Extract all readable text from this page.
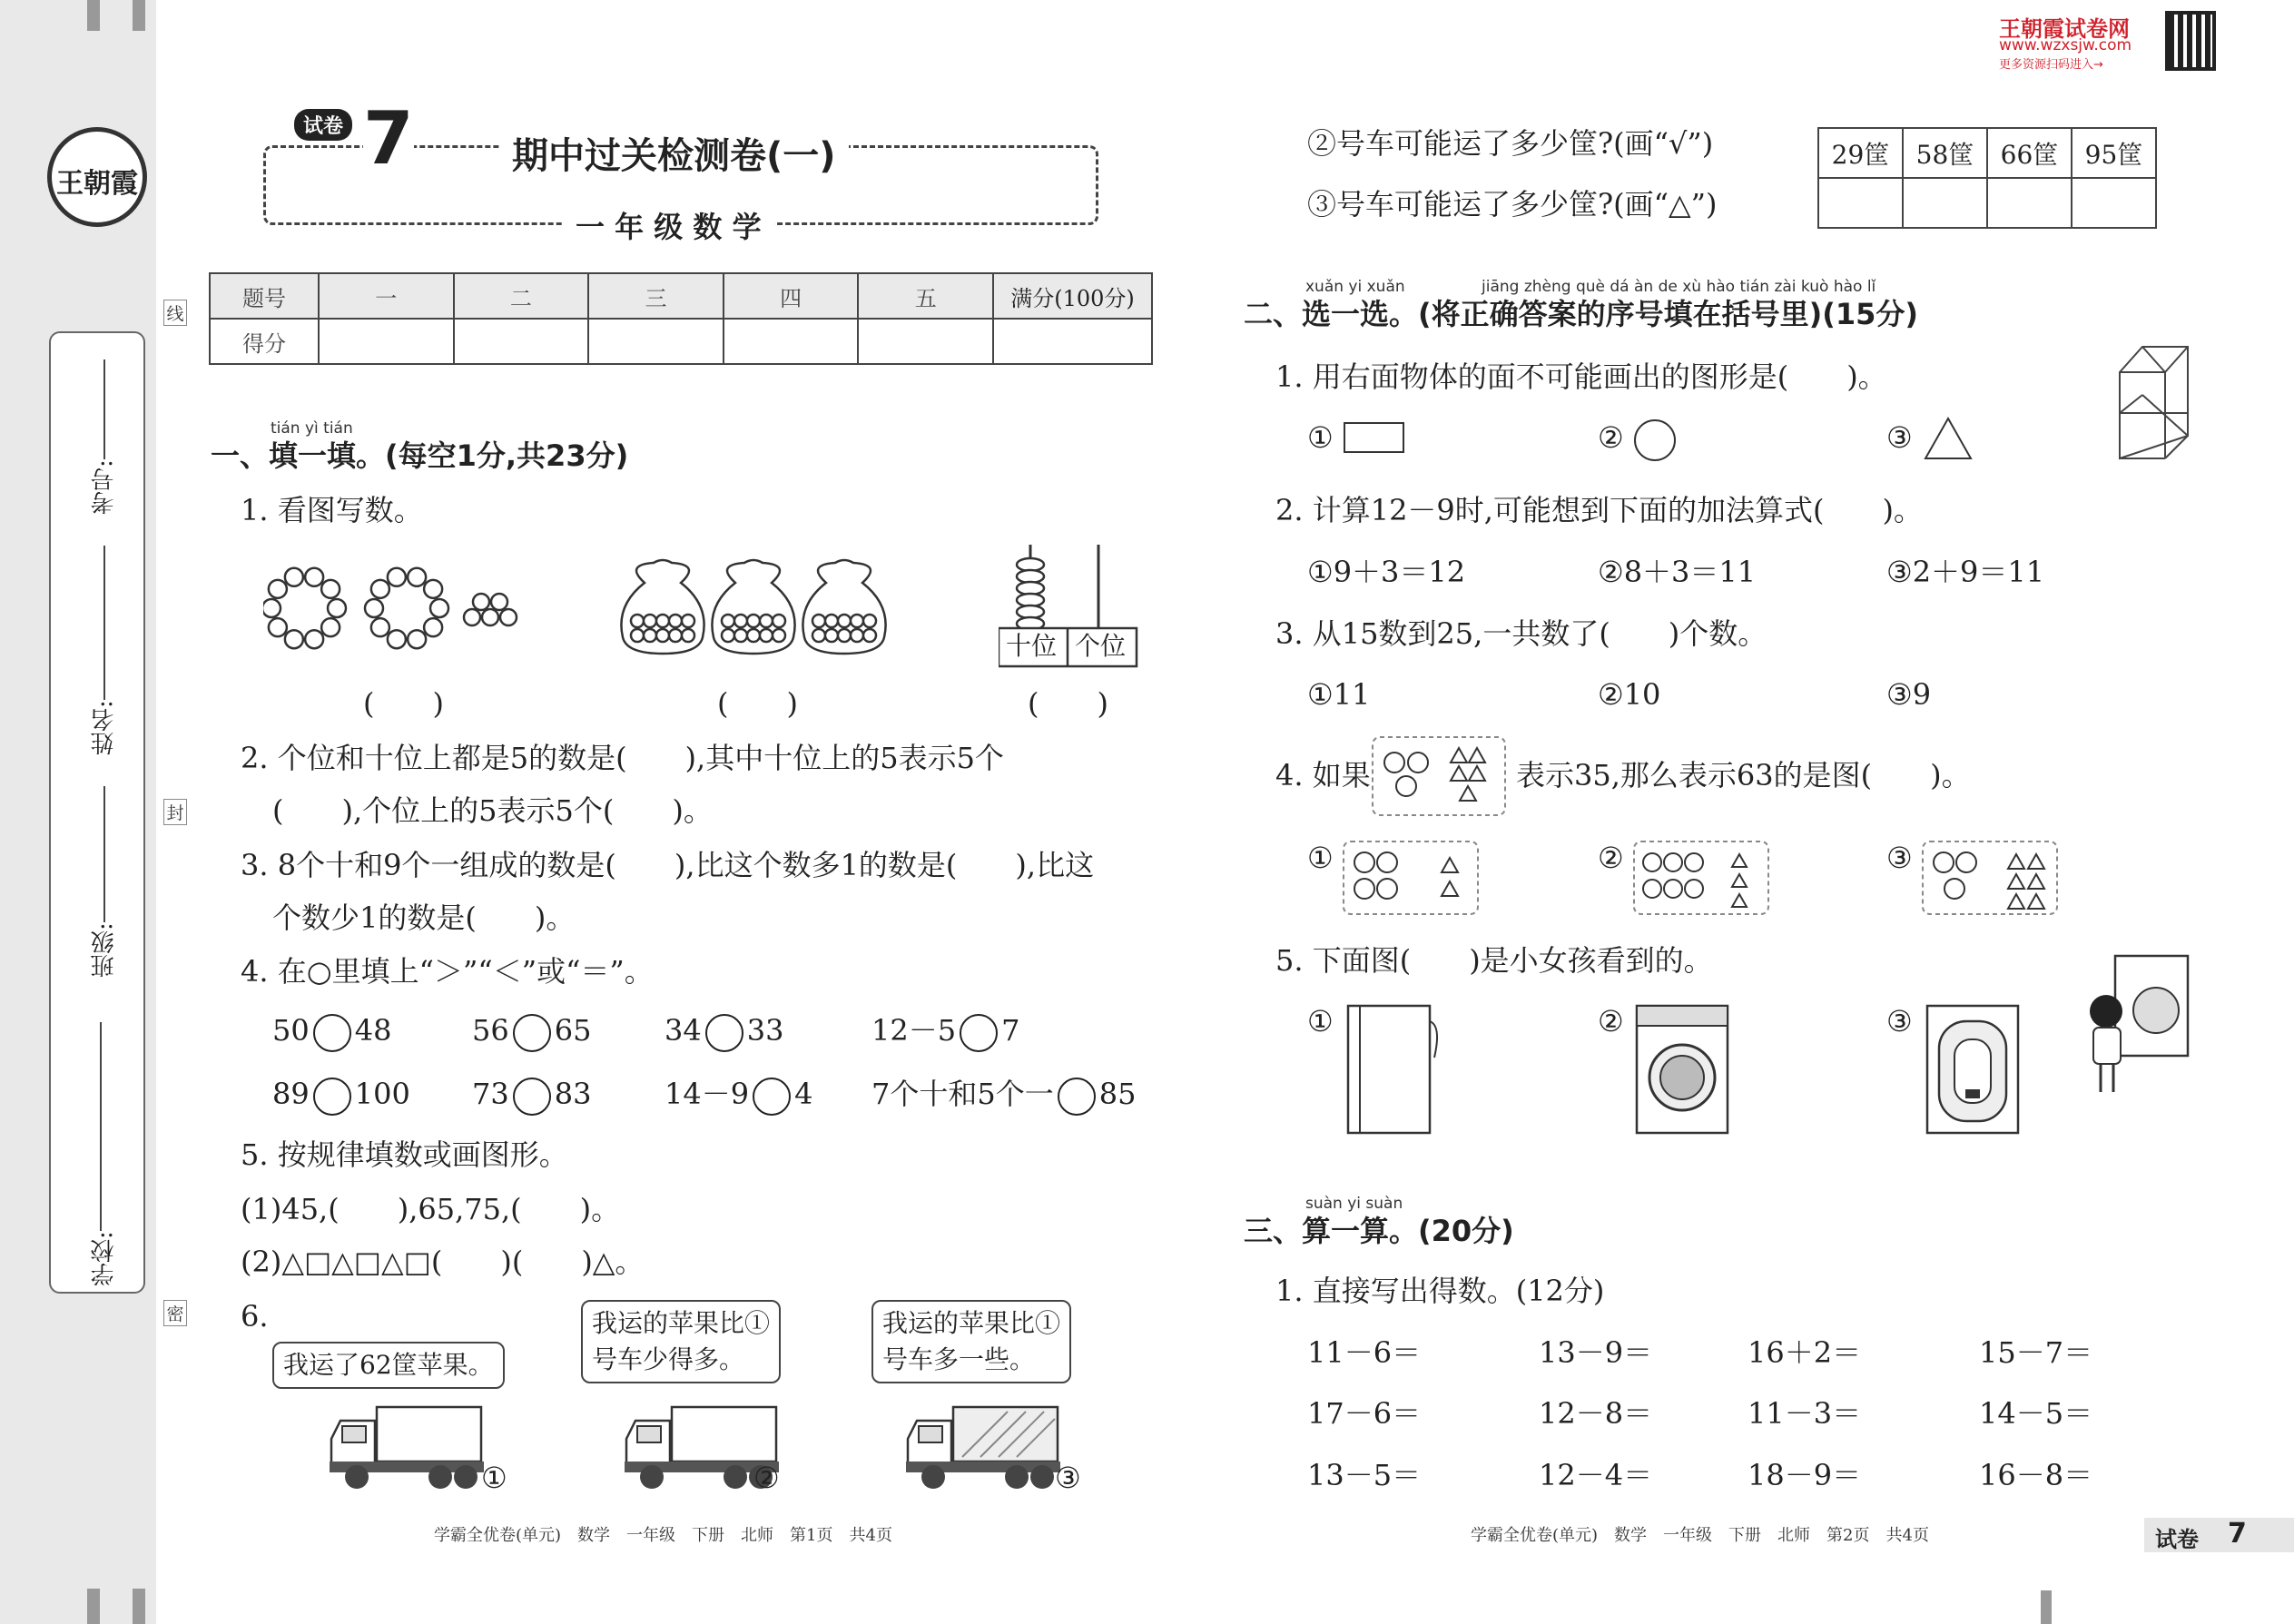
王朝霞
学校:
班级:
姓名:
考号:
线
封
密
试卷 7	期中过关检测卷(一)
一 年 级 数 学
题号	一	二	三	四	五	满分(100分)
得分						
tián yì tián
一、填一填。(每空1分,共23分)
1. 看图写数。
十位 个位
(　　)	(　　)	(　　)
2. 个位和十位上都是5的数是(　　),其中十位上的5表示5个
(　　),个位上的5表示5个(　　)。
3. 8个十和9个一组成的数是(　　),比这个数多1的数是(　　),比这
个数少1的数是(　　)。
4. 在○里填上“＞”“＜”或“＝”。
50 48	56 65	34 33	12－5 7
89 100 73 83	14－9 4 7个十和5个一 85
5. 按规律填数或画图形。
(1)45,(　　),65,75,(　　)。
(2)△□△□△□(　　)(　　)△。
6.
我运了62筐苹果。
我运的苹果比①
号车少得多。
我运的苹果比①
号车多一些。
①	②	③
学霸全优卷(单元)　数学　一年级　下册　北师　第1页　共4页
王朝霞试卷网
www.wzxsjw.com
更多资源扫码进入→
②号车可能运了多少筐?(画“√”)
③号车可能运了多少筐?(画“△”)
29筐	58筐	66筐	95筐

xuǎn yi xuǎn	jiāng zhèng què dá àn de xù hào tián zài kuò hào lǐ
二、选一选。(将正确答案的序号填在括号里)(15分)
1. 用右面物体的面不可能画出的图形是(　　)。
①	②	③
2. 计算12－9时,可能想到下面的加法算式(　　)。
①9＋3＝12	②8＋3＝11	③2＋9＝11
3. 从15数到25,一共数了(　　)个数。
①11	②10	③9
4. 如果	表示35,那么表示63的是图(　　)。
①	②	③
5. 下面图(　　)是小女孩看到的。
①	②	③
suàn yi suàn
三、算一算。(20分)
1. 直接写出得数。(12分)
11－6＝	13－9＝	16＋2＝	15－7＝
17－6＝	12－8＝	11－3＝	14－5＝
13－5＝	12－4＝	18－9＝	16－8＝
学霸全优卷(单元)　数学　一年级　下册　北师　第2页　共4页	试卷 7
